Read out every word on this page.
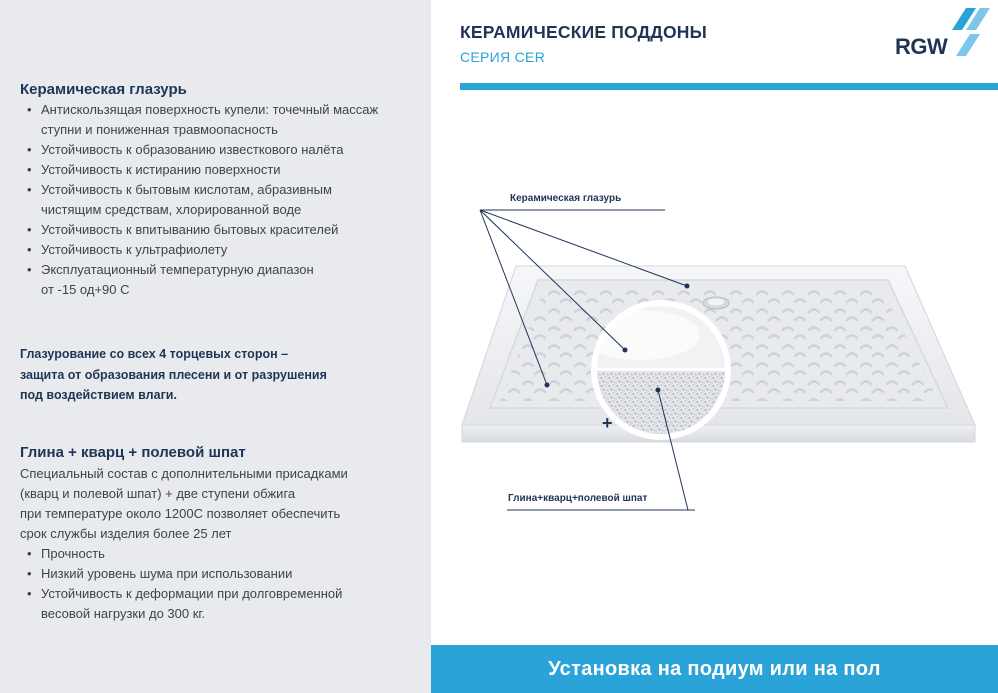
Керамическая глазурь
• Антискользящая поверхность купели: точечный массаж
ступни и пониженная травмоопасность
• Устойчивость к образованию известкового налёта
• Устойчивость к истиранию поверхности
• Устойчивость к бытовым кислотам, абразивным
чистящим средствам, хлорированной воде
• Устойчивость к впитыванию бытовых красителей
• Устойчивость к ультрафиолету
• Эксплуатационный температурную диапазон
от -15 од+90 С

Глазурование со всех 4 торцевых сторон –
защита от образования плесени и от разрушения
под воздействием влаги.

Глина + кварц + полевой шпат

Специальный состав с дополнительными присадками
(кварц и полевой шпат) + две ступени обжига
при температуре около 1200С позволяет обеспечить
срок службы изделия более 25 лет

• Прочность
• Низкий уровень шума при использовании
• Устойчивость к деформации при долговременной
весовой нагрузки до 300 кг.
КЕРАМИЧЕСКИЕ ПОДДОНЫ
СЕРИЯ CER	RGW
+
Керамическая глазурь
Глина+кварц+полевой шпат
Установка на подиум или на пол
